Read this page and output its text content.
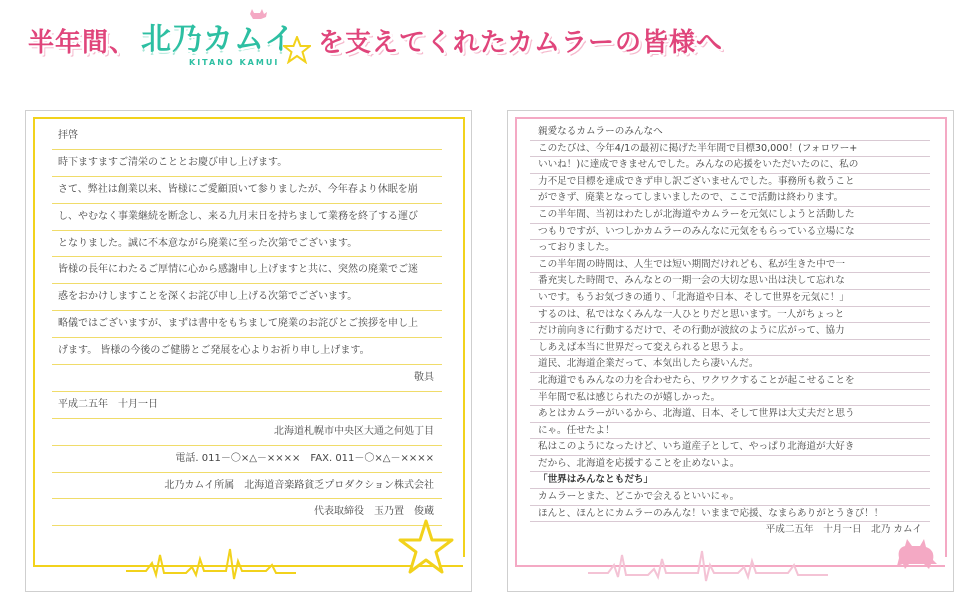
半年間、 北乃カムイ
KITANO KAMUI
を支えてくれたカムラーの皆様へ
拝啓
時下ますますご清栄のこととお慶び申し上げます。
さて、弊社は創業以来、皆様にご愛顧頂いて参りましたが、今年春より休眠を崩
し、やむなく事業継続を断念し、来る九月末日を持ちまして業務を終了する運び
となりました。誠に不本意ながら廃業に至った次第でございます。
皆様の長年にわたるご厚情に心から感謝申し上げますと共に、突然の廃業でご迷
惑をおかけしますことを深くお詫び申し上げる次第でございます。
略儀ではございますが、まずは書中をもちまして廃業のお詫びとご挨拶を申し上
げます。 皆様の今後のご健勝とご発展を心よりお祈り申し上げます。
敬具
平成二五年　十月一日
北海道札幌市中央区大通之何処丁目
電話. 011－〇×△－××××　FAX. 011－〇×△－××××
北乃カムイ所属　北海道音楽路貧乏プロダクション株式会社
代表取締役　玉乃置　俊蔵
親愛なるカムラーのみんなへ
このたびは、今年4/1の最初に掲げた半年間で目標30,000！(フォロワー+
いいね！)に達成できませんでした。みんなの応援をいただいたのに、私の
力不足で目標を達成できず申し訳ございませんでした。事務所も救うこと
ができず、廃業となってしまいましたので、ここで活動は終わります。
この半年間、当初はわたしが北海道やカムラーを元気にしようと活動した
つもりですが、いつしかカムラーのみんなに元気をもらっている立場にな
っておりました。
この半年間の時間は、人生では短い期間だけれども、私が生きた中で一
番充実した時間で、みんなとの一期一会の大切な思い出は決して忘れな
いです。もうお気づきの通り、「北海道や日本、そして世界を元気に！」
するのは、私ではなくみんな一人ひとりだと思います。一人がちょっと
だけ前向きに行動するだけで、その行動が波紋のように広がって、協力
しあえば本当に世界だって変えられると思うよ。
道民、北海道企業だって、本気出したら凄いんだ。
北海道でもみんなの力を合わせたら、ワクワクすることが起こせることを
半年間で私は感じられたのが嬉しかった。
あとはカムラーがいるから、北海道、日本、そして世界は大丈夫だと思う
にゃ。任せたよ！
私はこのようになったけど、いち道産子として、やっぱり北海道が大好き
だから、北海道を応援することを止めないよ。
「世界はみんなともだち」
カムラーとまた、どこかで会えるといいにゃ。
ほんと、ほんとにカムラーのみんな！いままで応援、なまらありがとうきび！！
平成二五年　十月一日　北乃 カムイ
